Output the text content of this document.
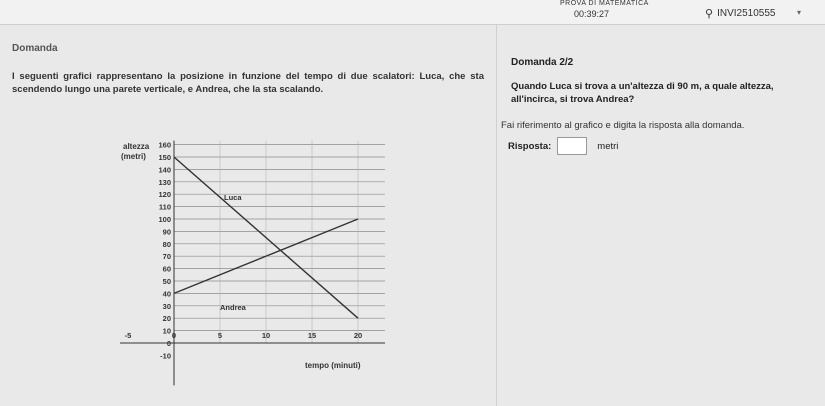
PROVA DI MATEMATICA
00:39:27	⚲ INVI2510555	▾
Domanda
I seguenti grafici rappresentano la posizione in funzione del tempo di due scalatori: Luca, che sta scendendo lungo una parete verticale, e Andrea, che la sta scalando.
-10
0
10
20
30
40
50
60
70
80
90
100
110
120
130
140
150
160
-5	0	5	10	15	20
Luca
Andrea
altezza
(metri)
tempo (minuti)
Domanda 2/2
Quando Luca si trova a un'altezza di 90 m, a quale altezza, all'incirca, si trova Andrea?
Fai riferimento al grafico e digita la risposta alla domanda.
Risposta:	metri
